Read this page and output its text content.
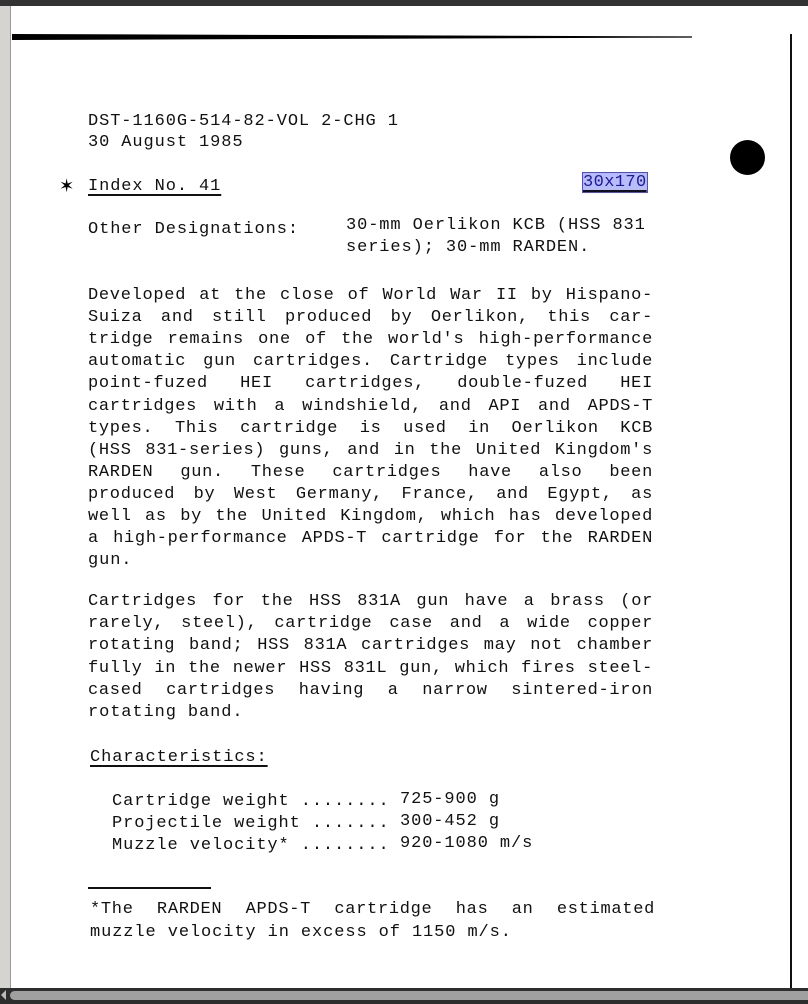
DST-1160G-514-82-VOL 2-CHG 1
30 August 1985
✶ Index No. 41	30x170
Other Designations:	30-mm Oerlikon KCB (HSS 831
series); 30-mm RARDEN.
Developed at the close of World War II by Hispano-
Suiza and still produced by Oerlikon, this car-
tridge remains one of the world's high-performance
automatic gun cartridges. Cartridge types include
point-fuzed HEI cartridges, double-fuzed HEI
cartridges with a windshield, and API and APDS-T
types. This cartridge is used in Oerlikon KCB
(HSS 831-series) guns, and in the United Kingdom's
RARDEN gun. These cartridges have also been
produced by West Germany, France, and Egypt, as
well as by the United Kingdom, which has developed
a high-performance APDS-T cartridge for the RARDEN
gun.
Cartridges for the HSS 831A gun have a brass (or
rarely, steel), cartridge case and a wide copper
rotating band; HSS 831A cartridges may not chamber
fully in the newer HSS 831L gun, which fires steel-
cased cartridges having a narrow sintered-iron
rotating band.
Characteristics:
Cartridge weight ........ 725-900 g
Projectile weight ....... 300-452 g
Muzzle velocity* ........ 920-1080 m/s
*The RARDEN APDS-T cartridge has an estimated
muzzle velocity in excess of 1150 m/s.
